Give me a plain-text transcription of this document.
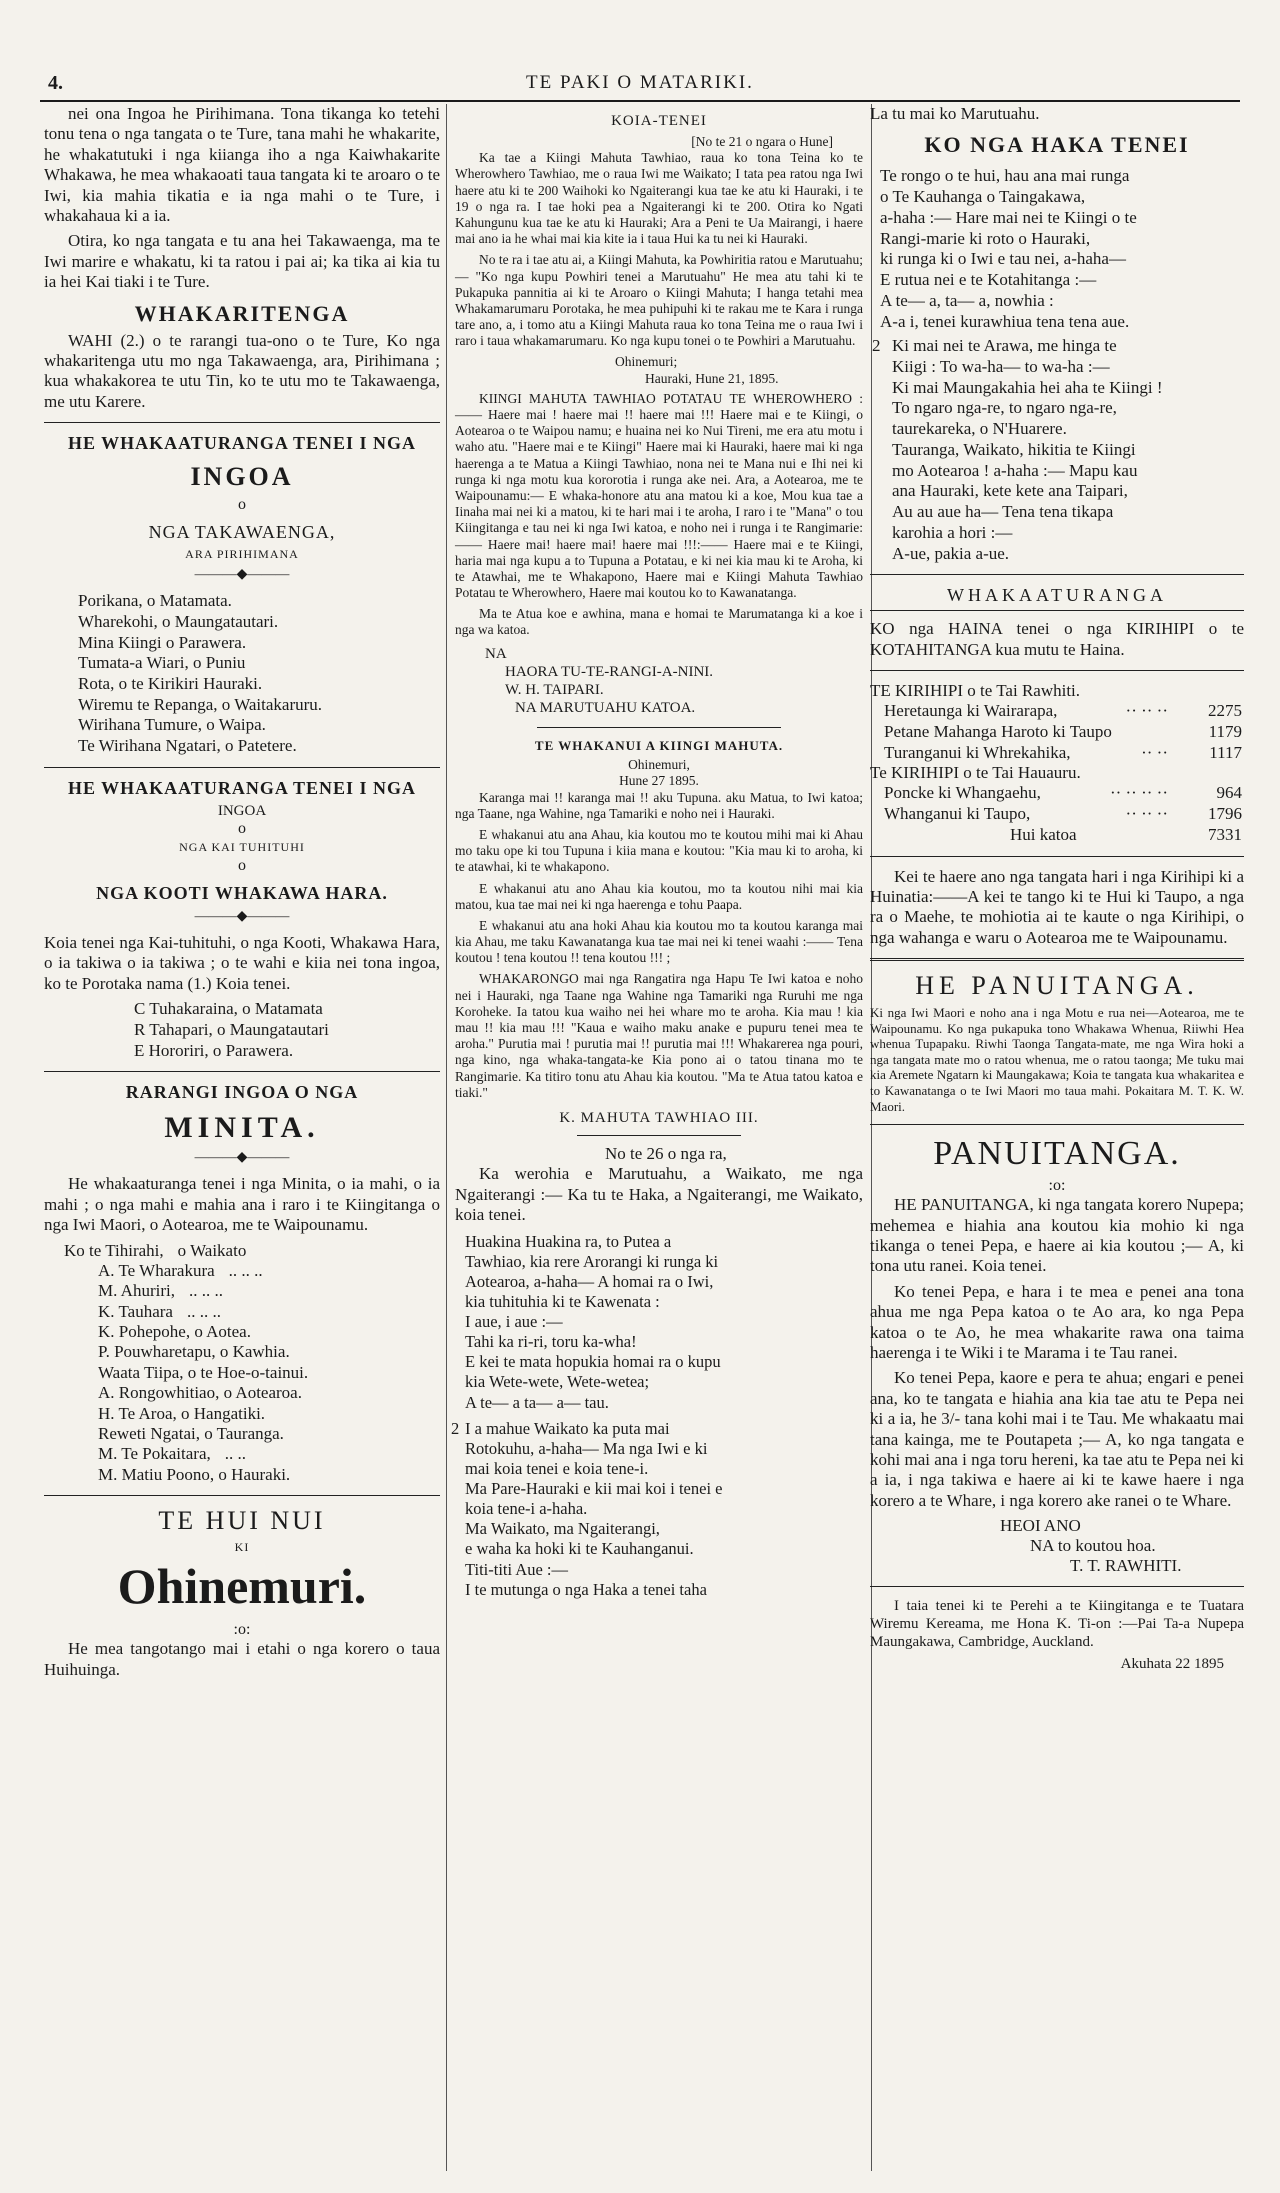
4.	TE PAKI O MATARIKI.

nei ona Ingoa he Pirihimana. Tona tikanga ko tetehi tonu tena o nga tangata o te Ture, tana mahi he whakarite, he whakatutuki i nga kiianga iho a nga Kaiwhakarite Whakawa, he mea whakaoati taua tangata ki te aroaro o te Iwi, kia mahia tikatia e ia nga mahi o te Ture, i whakahaua ki a ia.

Otira, ko nga tangata e tu ana hei Takawaenga, ma te Iwi marire e whakatu, ki ta ratou i pai ai; ka tika ai kia tu ia hei Kai tiaki i te Ture.

WHAKARITENGA

WAHI (2.) o te rarangi tua-ono o te Ture, Ko nga whakaritenga utu mo nga Takawaenga, ara, Pirihimana ; kua whakakorea te utu Tin, ko te utu mo te Takawaenga, me utu Karere.

HE WHAKAATURANGA TENEI I NGA
INGOA
o
NGA TAKAWAENGA,
ARA PIRIHIMANA
———◆———
Porikana, o Matamata.
Wharekohi, o Maungatautari.
Mina Kiingi o Parawera.
Tumata-a Wiari, o Puniu
Rota, o te Kirikiri Hauraki.
Wiremu te Repanga, o Waitakaruru.
Wirihana Tumure, o Waipa.
Te Wirihana Ngatari, o Patetere.
HE WHAKAATURANGA TENEI I NGA
INGOA
o
NGA KAI TUHITUHI
o
NGA KOOTI WHAKAWA HARA.
———◆———

Koia tenei nga Kai-tuhituhi, o nga Kooti, Whakawa Hara, o ia takiwa o ia takiwa ; o te wahi e kiia nei tona ingoa, ko te Porotaka nama (1.) Koia tenei.

C Tuhakaraina, o Matamata
R Tahapari, o Maungatautari
E Hororiri, o Parawera.
RARANGI INGOA O NGA
MINITA.
———◆———

He whakaaturanga tenei i nga Minita, o ia mahi, o ia mahi ; o nga mahi e mahia ana i raro i te Kiingitanga o nga Iwi Maori, o Aotearoa, me te Waipounamu.

Ko te Tihirahi, o Waikato
A. Te Wharakura .. .. ..
M. Ahuriri, .. .. ..
K. Tauhara .. .. ..
K. Pohepohe, o Aotea.
P. Pouwharetapu, o Kawhia.
Waata Tiipa, o te Hoe-o-tainui.
A. Rongowhitiao, o Aotearoa.
H. Te Aroa, o Hangatiki.
Reweti Ngatai, o Tauranga.
M. Te Pokaitara, .. ..
M. Matiu Poono, o Hauraki.
TE HUI NUI
KI
Ohinemuri.
:o:

He mea tangotango mai i etahi o nga korero o taua Huihuinga.

KOIA-TENEI
[No te 21 o ngara o Hune]

Ka tae a Kiingi Mahuta Tawhiao, raua ko tona Teina ko te Wherowhero Tawhiao, me o raua Iwi me Waikato; I tata pea ratou nga Iwi haere atu ki te 200 Waihoki ko Ngaiterangi kua tae ke atu ki Hauraki, i te 19 o nga ra. I tae hoki pea a Ngaiterangi ki te 200. Otira ko Ngati Kahungunu kua tae ke atu ki Hauraki; Ara a Peni te Ua Mairangi, i haere mai ano ia he whai mai kia kite ia i taua Hui ka tu nei ki Hauraki.

No te ra i tae atu ai, a Kiingi Mahuta, ka Powhiritia ratou e Marutuahu;— "Ko nga kupu Powhiri tenei a Marutuahu" He mea atu tahi ki te Pukapuka pannitia ai ki te Aroaro o Kiingi Mahuta; I hanga tetahi mea Whakamarumaru Porotaka, he mea puhipuhi ki te rakau me te Kara i runga tare ano, a, i tomo atu a Kiingi Mahuta raua ko tona Teina me o raua Iwi i raro i taua whakamarumaru. Ko nga kupu tonei o te Powhiri a Marutuahu.

Ohinemuri;
Hauraki, Hune 21, 1895.

KIINGI MAHUTA TAWHIAO POTATAU TE WHEROWHERO :—— Haere mai ! haere mai !! haere mai !!! Haere mai e te Kiingi, o Aotearoa o te Waipou namu; e huaina nei ko Nui Tireni, me era atu motu i waho atu. "Haere mai e te Kiingi" Haere mai ki Hauraki, haere mai ki nga haerenga a te Matua a Kiingi Tawhiao, nona nei te Mana nui e Ihi nei ki runga ki nga motu kua kororotia i runga ake nei. Ara, a Aotearoa, me te Waipounamu:— E whaka-honore atu ana matou ki a koe, Mou kua tae a Iinaha mai nei ki a matou, ki te hari mai i te aroha, I raro i te "Mana" o tou Kiingitanga e tau nei ki nga Iwi katoa, e noho nei i runga i te Rangimarie:—— Haere mai! haere mai! haere mai !!!:—— Haere mai e te Kiingi, haria mai nga kupu a to Tupuna a Potatau, e ki nei kia mau ki te Aroha, ki te Atawhai, me te Whakapono, Haere mai e Kiingi Mahuta Tawhiao Potatau te Wherowhero, Haere mai koutou ko to Kawanatanga.

Ma te Atua koe e awhina, mana e homai te Marumatanga ki a koe i nga wa katoa.

NA
HAORA TU-TE-RANGI-A-NINI.
W. H. TAIPARI.
NA MARUTUAHU KATOA.
TE WHAKANUI A KIINGI MAHUTA.
Ohinemuri,
Hune 27 1895.

Karanga mai !! karanga mai !! aku Tupuna. aku Matua, to Iwi katoa; nga Taane, nga Wahine, nga Tamariki e noho nei i Hauraki.

E whakanui atu ana Ahau, kia koutou mo te koutou mihi mai ki Ahau mo taku ope ki tou Tupuna i kiia mana e koutou: "Kia mau ki to aroha, ki te atawhai, ki te whakapono.

E whakanui atu ano Ahau kia koutou, mo ta koutou nihi mai kia matou, kua tae mai nei ki nga haerenga e tohu Paapa.

E whakanui atu ana hoki Ahau kia koutou mo ta koutou karanga mai kia Ahau, me taku Kawanatanga kua tae mai nei ki tenei waahi :—— Tena koutou ! tena koutou !! tena koutou !!! ;

WHAKARONGO mai nga Rangatira nga Hapu Te Iwi katoa e noho nei i Hauraki, nga Taane nga Wahine nga Tamariki nga Ruruhi me nga Koroheke. Ia tatou kua waiho nei hei whare mo te aroha. Kia mau ! kia mau !! kia mau !!! "Kaua e waiho maku anake e pupuru tenei mea te aroha." Purutia mai ! purutia mai !! purutia mai !!! Whakarerea nga pouri, nga kino, nga whaka-tangata-ke Kia pono ai o tatou tinana mo te Rangimarie. Ka titiro tonu atu Ahau kia koutou. "Ma te Atua tatou katoa e tiaki."

K. MAHUTA TAWHIAO III.
No te 26 o nga ra,

Ka werohia e Marutuahu, a Waikato, me nga Ngaiterangi :— Ka tu te Haka, a Ngaiterangi, me Waikato, koia tenei.

Huakina Huakina ra, to Putea a
Tawhiao, kia rere Arorangi ki runga ki
Aotearoa, a-haha— A homai ra o Iwi,
kia tuhituhia ki te Kawenata :
I aue, i aue :—
Tahi ka ri-ri, toru ka-wha!
E kei te mata hopukia homai ra o kupu
kia Wete-wete, Wete-wetea;
A te— a ta— a— tau.
2 I a mahue Waikato ka puta mai
Rotokuhu, a-haha— Ma nga Iwi e ki
mai koia tenei e koia tene-i.
Ma Pare-Hauraki e kii mai koi i tenei e
koia tene-i a-haha.
Ma Waikato, ma Ngaiterangi,
e waha ka hoki ki te Kauhanganui.
Titi-titi Aue :—
I te mutunga o nga Haka a tenei taha

La tu mai ko Marutuahu.

KO NGA HAKA TENEI
Te rongo o te hui, hau ana mai runga
o Te Kauhanga o Taingakawa,
a-haha :— Hare mai nei te Kiingi o te
Rangi-marie ki roto o Hauraki,
ki runga ki o Iwi e tau nei, a-haha—
E rutua nei e te Kotahitanga :—
A te— a, ta— a, nowhia :
A-a i, tenei kurawhiua tena tena aue.
2 Ki mai nei te Arawa, me hinga te
Kiigi : To wa-ha— to wa-ha :—
Ki mai Maungakahia hei aha te Kiingi !
To ngaro nga-re, to ngaro nga-re,
taurekareka, o N'Huarere.
Tauranga, Waikato, hikitia te Kiingi
mo Aotearoa ! a-haha :— Mapu kau
ana Hauraki, kete kete ana Taipari,
Au au aue ha— Tena tena tikapa
karohia a hori :—
A-ue, pakia a-ue.
WHAKAATURANGA

KO nga HAINA tenei o nga KIRIHIPI o te KOTAHITANGA kua mutu te Haina.

TE KIRIHIPI o te Tai Rawhiti.
Heretaunga ki Wairarapa,	·· ·· ··	2275
Petane Mahanga Haroto ki Taupo		1179
Turanganui ki Whrekahika,	·· ··	1117
Te KIRIHIPI o te Tai Hauauru.
Poncke ki Whangaehu,	·· ·· ·· ··	964
Whanganui ki Taupo,	·· ·· ··	1796
Hui katoa		7331

Kei te haere ano nga tangata hari i nga Kirihipi ki a Huinatia:——A kei te tango ki te Hui ki Taupo, a nga ra o Maehe, te mohiotia ai te kaute o nga Kirihipi, o nga wahanga e waru o Aotearoa me te Waipounamu.

HE PANUITANGA.

Ki nga Iwi Maori e noho ana i nga Motu e rua nei—Aotearoa, me te Waipounamu. Ko nga pukapuka tono Whakawa Whenua, Riiwhi Hea whenua Tupapaku. Riwhi Taonga Tangata-mate, me nga Wira hoki a nga tangata mate mo o ratou whenua, me o ratou taonga; Me tuku mai kia Aremete Ngatarn ki Maungakawa; Koia te tangata kua whakaritea e to Kawanatanga o te Iwi Maori mo taua mahi. Pokaitara M. T. K. W. Maori.

PANUITANGA.
:o:

HE PANUITANGA, ki nga tangata korero Nupepa; mehemea e hiahia ana koutou kia mohio ki nga tikanga o tenei Pepa, e haere ai kia koutou ;— A, ki tona utu ranei. Koia tenei.

Ko tenei Pepa, e hara i te mea e penei ana tona ahua me nga Pepa katoa o te Ao ara, ko nga Pepa katoa o te Ao, he mea whakarite rawa ona taima haerenga i te Wiki i te Marama i te Tau ranei.

Ko tenei Pepa, kaore e pera te ahua; engari e penei ana, ko te tangata e hiahia ana kia tae atu te Pepa nei ki a ia, he 3/- tana kohi mai i te Tau. Me whakaatu mai tana kainga, me te Poutapeta ;— A, ko nga tangata e kohi mai ana i nga toru hereni, ka tae atu te Pepa nei ki a ia, i nga takiwa e haere ai ki te kawe haere i nga korero a te Whare, i nga korero ake ranei o te Whare.

HEOI ANO
NA to koutou hoa.
T. T. RAWHITI.

I taia tenei ki te Perehi a te Kiingitanga e te Tuatara Wiremu Kereama, me Hona K. Ti-on :—Pai Ta-a Nupepa Maungakawa, Cambridge, Auckland.

Akuhata 22 1895
